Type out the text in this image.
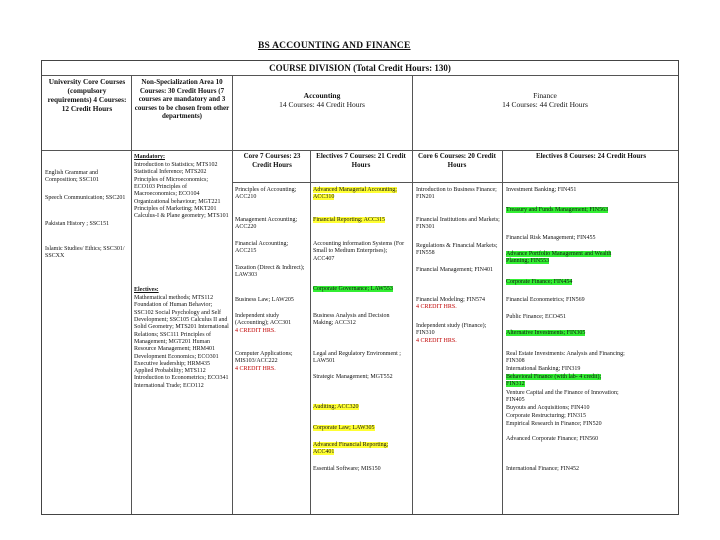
BS ACCOUNTING AND FINANCE
COURSE DIVISION (Total Credit Hours: 130)
University Core Courses (compulsory requirements) 4 Courses: 12 Credit Hours
Non-Specialization Area 10 Courses: 30 Credit Hours (7 courses are mandatory and 3 courses to be chosen from other departments)
Accounting
14 Courses: 44 Credit Hours
Finance
14 Courses: 44 Credit Hours
Core 7 Courses: 23 Credit Hours
Electives 7 Courses: 21 Credit Hours
Core 6 Courses: 20 Credit Hours
Electives 8 Courses: 24 Credit Hours
English Grammar and Composition; SSC101
Speech Communication; SSC201
Pakistan History ; SSC151
Islamic Studies/ Ethics; SSC301/ SSCXX
Mandatory:
Introduction to Statistics; MTS102 Statistical Inference; MTS202 Principles of Microeconomics; ECO103 Principles of Macroeconomics; ECO104 Organizational behaviour; MGT221 Principles of Marketing; MKT201 Calculus-I & Plane geometry; MTS101
Electives:
Mathematical methods; MTS112 Foundation of Human Behavior; SSC102 Social Psychology and Self Development; SSC105 Calculus II and Solid Geometry; MTS201 International Relations; SSC111 Principles of Management; MGT201 Human Resource Management; HRM401 Development Economics; ECO301 Executive leadership; HRM435 Applied Probability; MTS112 Introduction to Econometrics; ECO341 International Trade; ECO112
Principles of Accounting; ACC210
Management Accounting; ACC220
Financial Accounting; ACC215
Taxation (Direct & Indirect); LAW303
Business Law; LAW205
Independent study (Accounting); ACC301
4 CREDIT HRS.
Computer Applications; MIS103/ACC222
4 CREDIT HRS.
Advanced Managerial Accounting; ACC310
Financial Reporting; ACC315
Accounting information Systems (For Small to Medium Enterprises); ACC407
Corporate Governance; LAW553
Business Analysis and Decision Making; ACC312
Legal and Regulatory Environment ; LAW501
Strategic Management; MGT552
Auditing; ACC320
Corporate Law; LAW305
Advanced Financial Reporting; ACC401
Essential Software; MIS150
Introduction to Business Finance; FIN201
Financial Institutions and Markets; FIN301
Regulations & Financial Markets; FIN558
Financial Management; FIN401
Financial Modeling; FIN574
4 CREDIT HRS.
Independent study (Finance); FIN310
4 CREDIT HRS.
Investment Banking; FIN451
Treasury and Funds Management; FIN563
Financial Risk Management; FIN455
Advance Portfolio Management and Wealth Planning; FIN553
Corporate Finance; FIN454
Financial Econometrics; FIN569
Public Finance; ECO451
Alternative Investments; FIN305
Real Estate Investments: Analysis and Financing; FIN308
International Banking; FIN319
Behavioral Finance (with lab- 4 credit); FIN312
Venture Capital and the Finance of Innovation; FIN405
Buyouts and Acquisitions; FIN410
Corporate Restructuring; FIN315
Empirical Research in Finance; FIN520
Advanced Corporate Finance; FIN560
International Finance; FIN452
